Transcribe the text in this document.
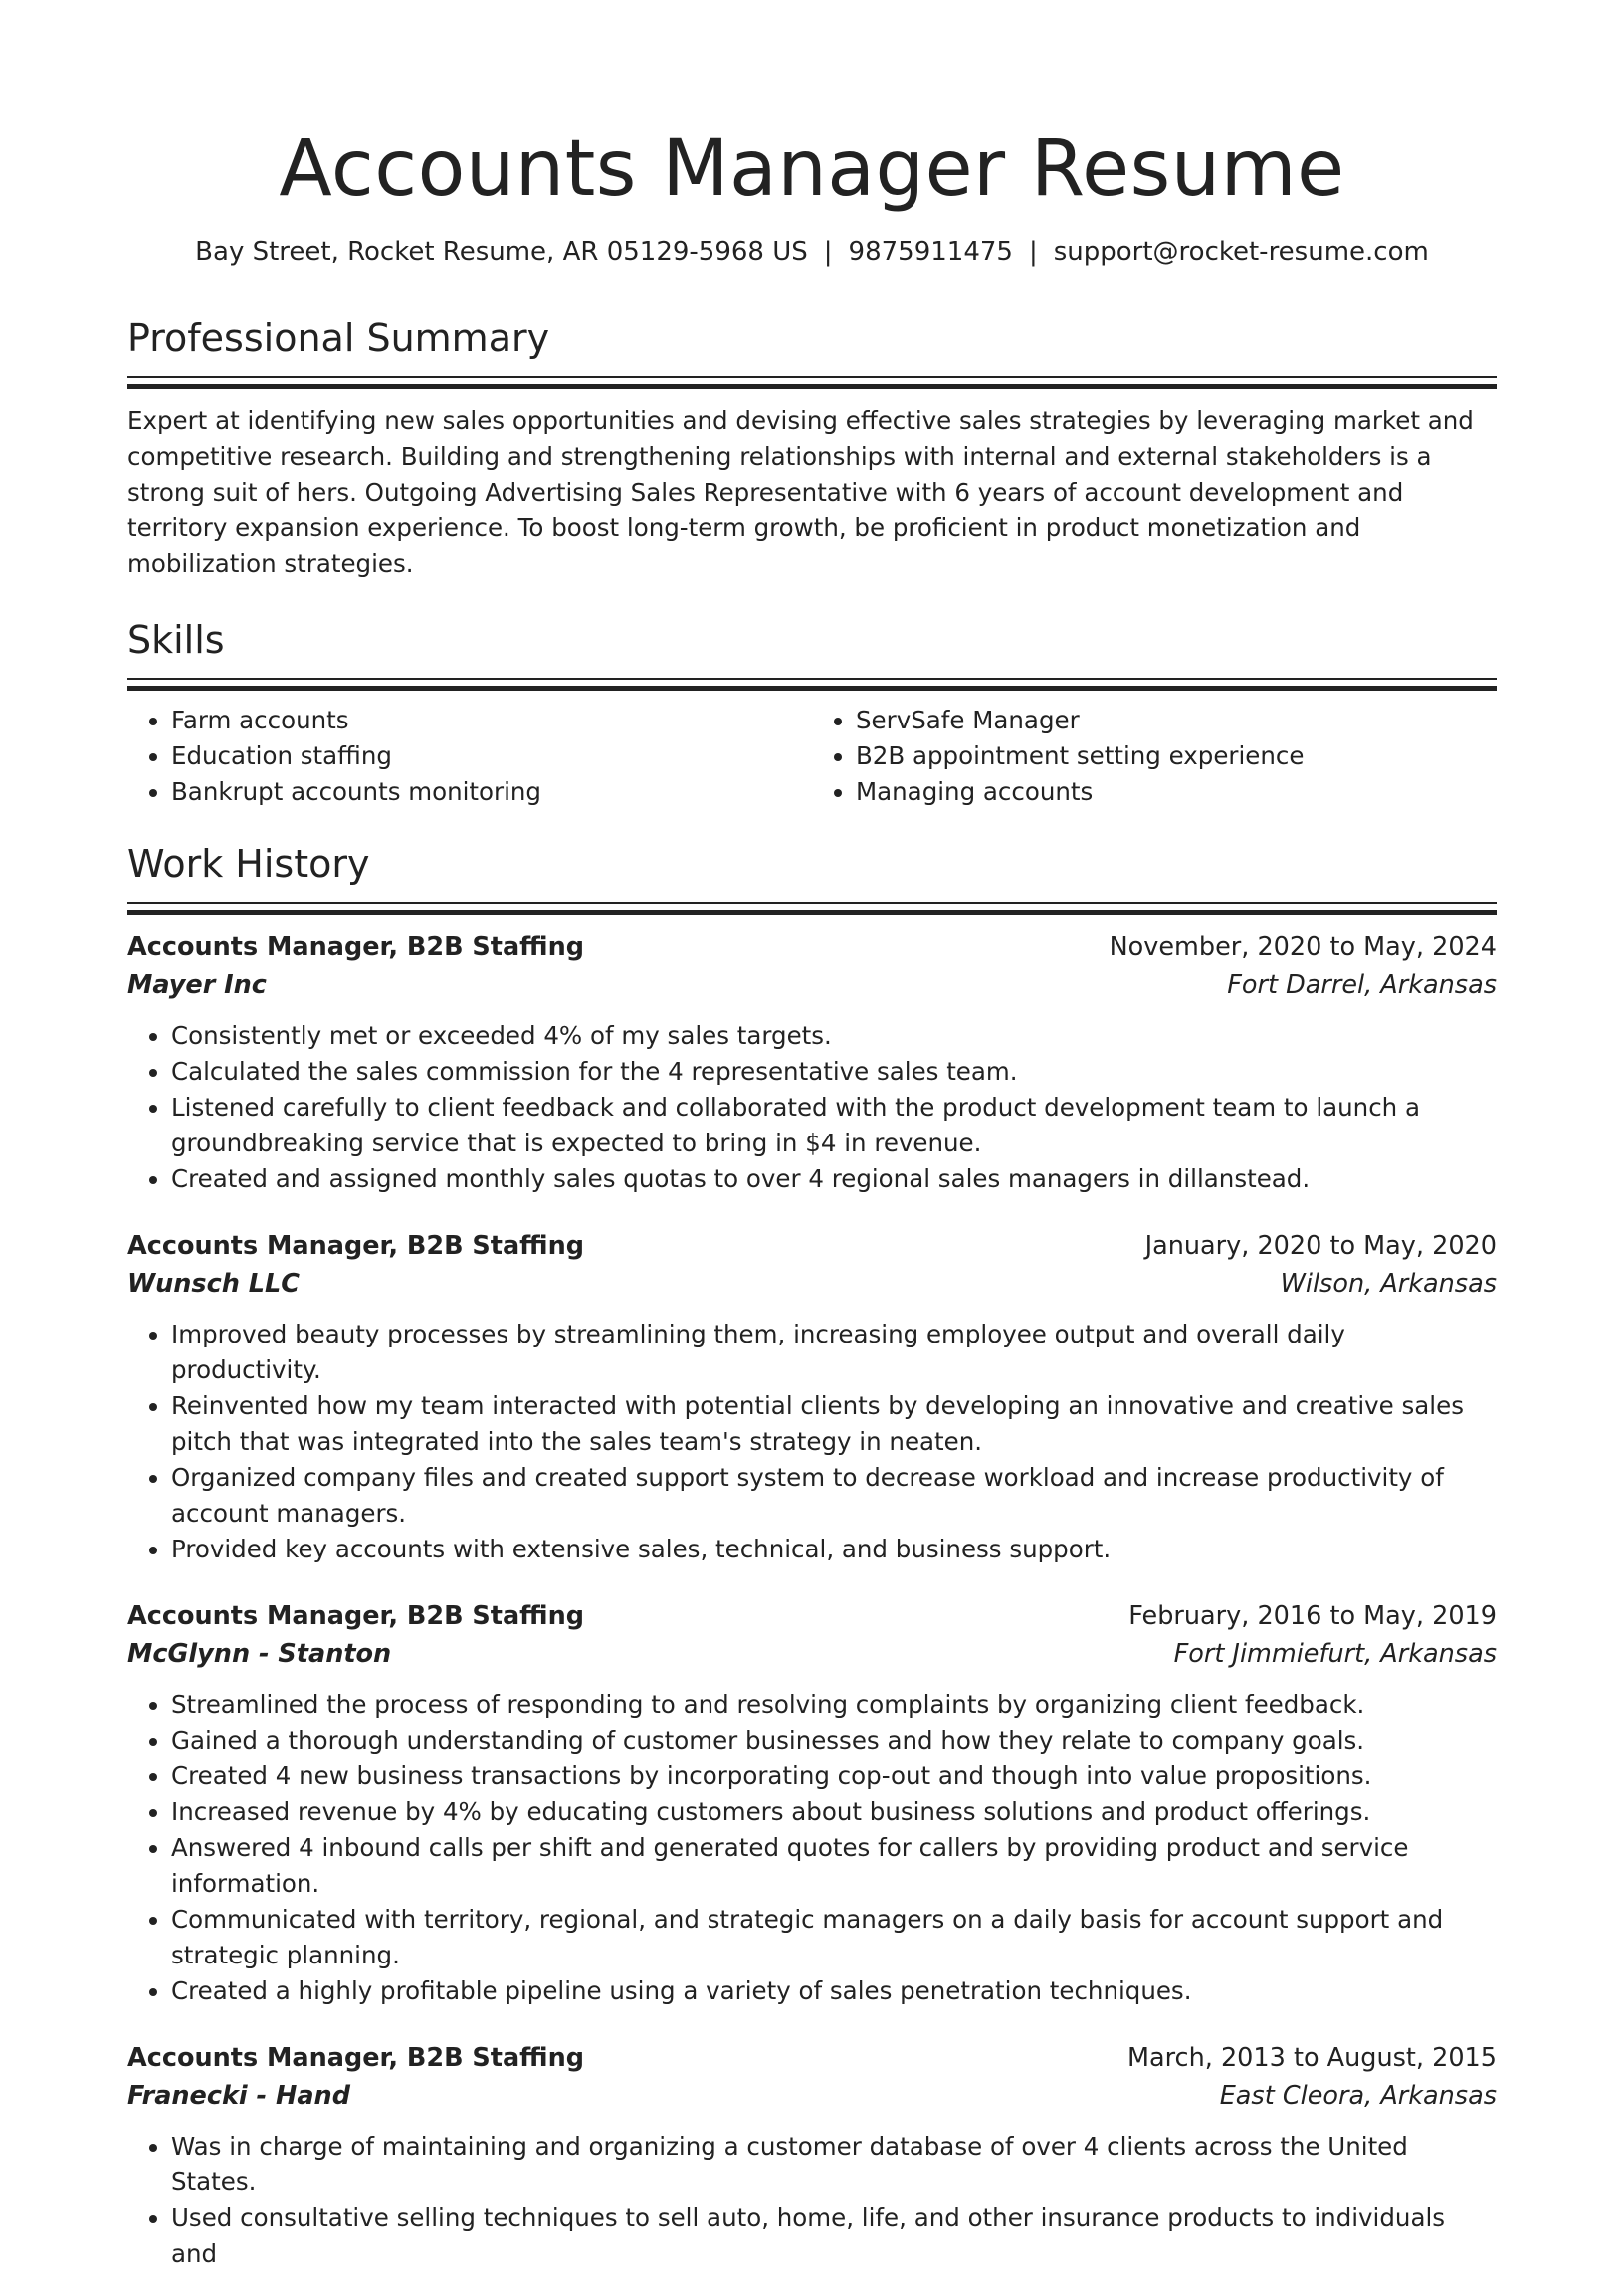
Accounts Manager Resume
Bay Street, Rocket Resume, AR 05129-5968 US | 9875911475 | support@rocket-resume.com
Professional Summary

Expert at identifying new sales opportunities and devising effective sales strategies by leveraging market and competitive research. Building and strengthening relationships with internal and external stakeholders is a strong suit of hers. Outgoing Advertising Sales Representative with 6 years of account development and territory expansion experience. To boost long-term growth, be proficient in product monetization and mobilization strategies.

Skills
• Farm accounts
• Education staffing
• Bankrupt accounts monitoring
• ServSafe Manager
• B2B appointment setting experience
• Managing accounts
Work History
Accounts Manager, B2B Staffing	November, 2020 to May, 2024
Mayer Inc	Fort Darrel, Arkansas
• Consistently met or exceeded 4% of my sales targets.
• Calculated the sales commission for the 4 representative sales team.
• Listened carefully to client feedback and collaborated with the product development team to launch a groundbreaking service that is expected to bring in $4 in revenue.
• Created and assigned monthly sales quotas to over 4 regional sales managers in dillanstead.
Accounts Manager, B2B Staffing	January, 2020 to May, 2020
Wunsch LLC	Wilson, Arkansas
• Improved beauty processes by streamlining them, increasing employee output and overall daily productivity.
• Reinvented how my team interacted with potential clients by developing an innovative and creative sales pitch that was integrated into the sales team's strategy in neaten.
• Organized company files and created support system to decrease workload and increase productivity of account managers.
• Provided key accounts with extensive sales, technical, and business support.
Accounts Manager, B2B Staffing	February, 2016 to May, 2019
McGlynn - Stanton	Fort Jimmiefurt, Arkansas
• Streamlined the process of responding to and resolving complaints by organizing client feedback.
• Gained a thorough understanding of customer businesses and how they relate to company goals.
• Created 4 new business transactions by incorporating cop-out and though into value propositions.
• Increased revenue by 4% by educating customers about business solutions and product offerings.
• Answered 4 inbound calls per shift and generated quotes for callers by providing product and service information.
• Communicated with territory, regional, and strategic managers on a daily basis for account support and strategic planning.
• Created a highly profitable pipeline using a variety of sales penetration techniques.
Accounts Manager, B2B Staffing	March, 2013 to August, 2015
Franecki - Hand	East Cleora, Arkansas
• Was in charge of maintaining and organizing a customer database of over 4 clients across the United States.
• Used consultative selling techniques to sell auto, home, life, and other insurance products to individuals and
